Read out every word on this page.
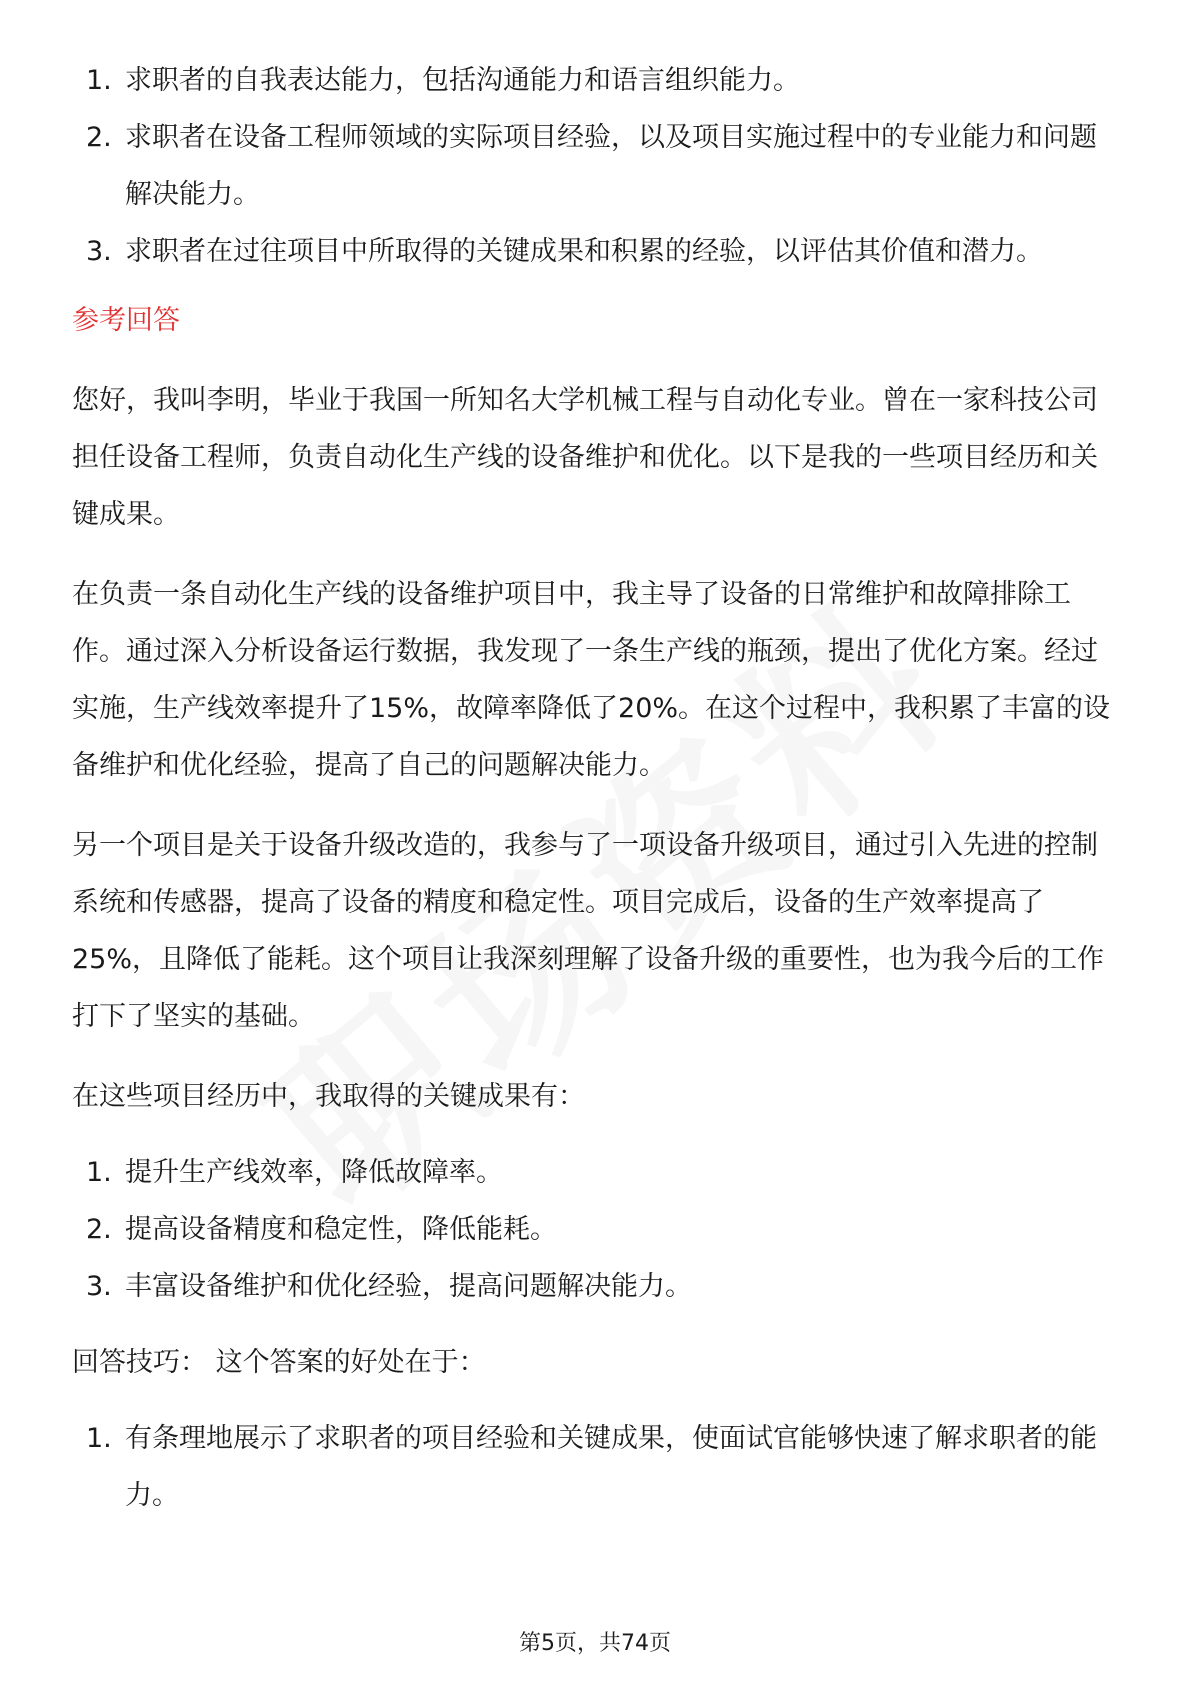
1. 求职者的自我表达能力，包括沟通能力和语言组织能力。
2. 求职者在设备工程师领域的实际项目经验，以及项目实施过程中的专业能力和问题解决能力。
3. 求职者在过往项目中所取得的关键成果和积累的经验，以评估其价值和潜力。
参考回答

您好，我叫李明，毕业于我国一所知名大学机械工程与自动化专业。曾在一家科技公司担任设备工程师，负责自动化生产线的设备维护和优化。以下是我的一些项目经历和关键成果。

在负责一条自动化生产线的设备维护项目中，我主导了设备的日常维护和故障排除工作。通过深入分析设备运行数据，我发现了一条生产线的瓶颈，提出了优化方案。经过实施，生产线效率提升了15%，故障率降低了20%。在这个过程中，我积累了丰富的设备维护和优化经验，提高了自己的问题解决能力。

另一个项目是关于设备升级改造的，我参与了一项设备升级项目，通过引入先进的控制系统和传感器，提高了设备的精度和稳定性。项目完成后，设备的生产效率提高了25%，且降低了能耗。这个项目让我深刻理解了设备升级的重要性，也为我今后的工作打下了坚实的基础。

在这些项目经历中，我取得的关键成果有：

1. 提升生产线效率，降低故障率。
2. 提高设备精度和稳定性，降低能耗。
3. 丰富设备维护和优化经验，提高问题解决能力。

回答技巧： 这个答案的好处在于：

1. 有条理地展示了求职者的项目经验和关键成果，使面试官能够快速了解求职者的能力。
第5页，共74页
